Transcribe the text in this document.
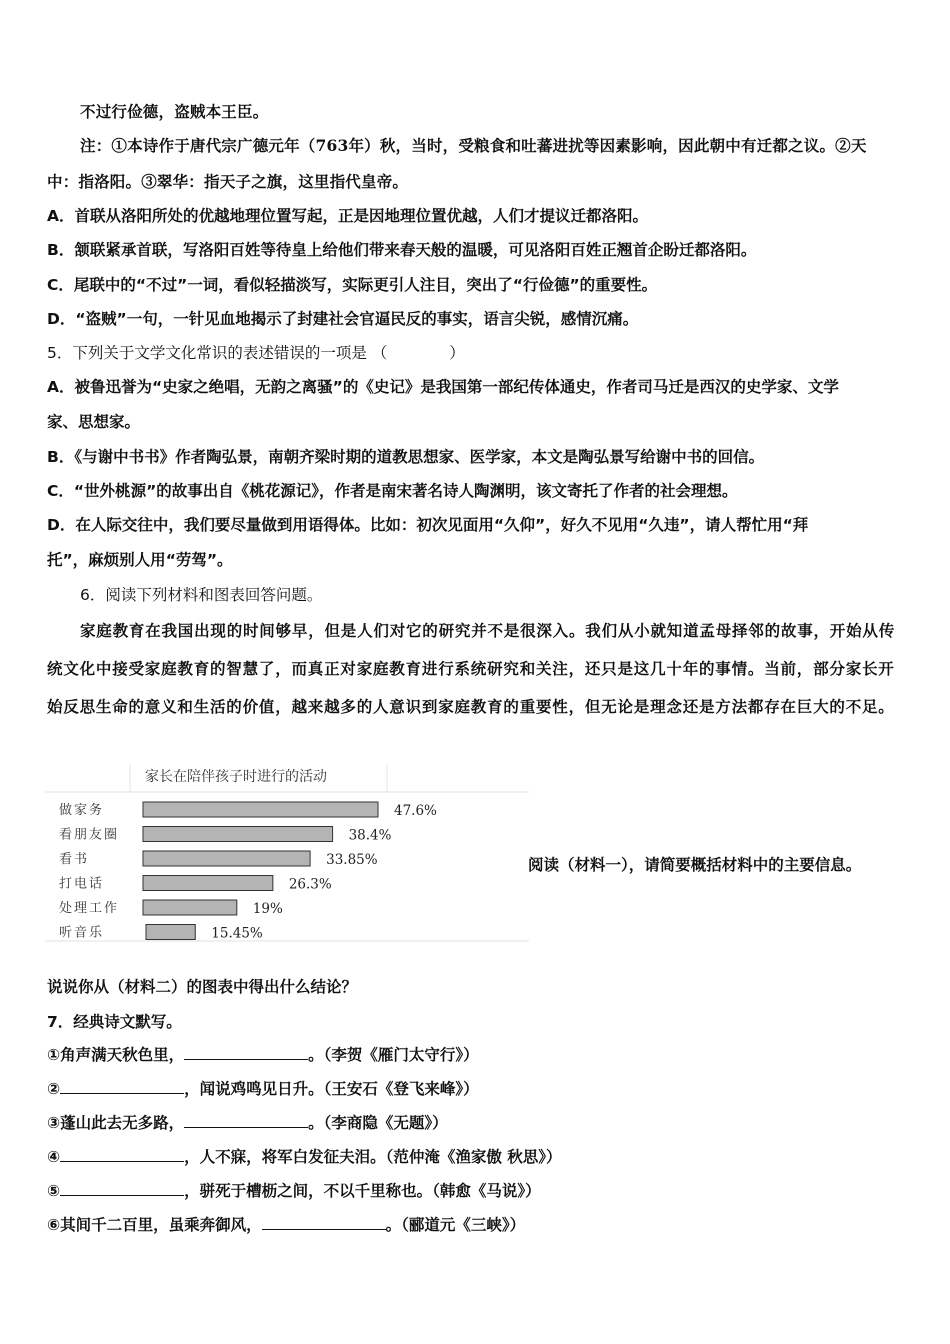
不过行俭德，盗贼本王臣。
注：①本诗作于唐代宗广德元年（763年）秋，当时，受粮食和吐蕃进扰等因素影响，因此朝中有迁都之议。②天
中：指洛阳。③翠华：指天子之旗，这里指代皇帝。
A．首联从洛阳所处的优越地理位置写起，正是因地理位置优越，人们才提议迁都洛阳。
B．颔联紧承首联，写洛阳百姓等待皇上给他们带来春天般的温暖，可见洛阳百姓正翘首企盼迁都洛阳。
C．尾联中的“不过”一词，看似轻描淡写，实际更引人注目，突出了“行俭德”的重要性。
D．“盗贼”一句，一针见血地揭示了封建社会官逼民反的事实，语言尖锐，感情沉痛。
5．下列关于文学文化常识的表述错误的一项是 （　　　　）
A．被鲁迅誉为“史家之绝唱，无韵之离骚”的《史记》是我国第一部纪传体通史，作者司马迁是西汉的史学家、文学
家、思想家。
B．《与谢中书书》作者陶弘景，南朝齐梁时期的道教思想家、医学家，本文是陶弘景写给谢中书的回信。
C．“世外桃源”的故事出自《桃花源记》，作者是南宋著名诗人陶渊明，该文寄托了作者的社会理想。
D．在人际交往中，我们要尽量做到用语得体。比如：初次见面用“久仰”，好久不见用“久违”，请人帮忙用“拜
托”，麻烦别人用“劳驾”。
6．阅读下列材料和图表回答问题。
家庭教育在我国出现的时间够早，但是人们对它的研究并不是很深入。我们从小就知道孟母择邻的故事，开始从传统文化中接受家庭教育的智慧了，而真正对家庭教育进行系统研究和关注，还只是这几十年的事情。当前，部分家长开始反思生命的意义和生活的价值，越来越多的人意识到家庭教育的重要性，但无论是理念还是方法都存在巨大的不足。
家长在陪伴孩子时进行的活动
做家务	47.6%
看朋友圈	38.4%
看书	33.85%
打电话	26.3%
处理工作	19%
听音乐	15.45%
阅读（材料一），请简要概括材料中的主要信息。
说说你从（材料二）的图表中得出什么结论？
7．经典诗文默写。
①角声满天秋色里，	。（李贺《雁门太守行》）
②	，闻说鸡鸣见日升。（王安石《登飞来峰》）
③蓬山此去无多路，	。（李商隐《无题》）
④	，人不寐，将军白发征夫泪。（范仲淹《渔家傲 秋思》）
⑤	，骈死于槽枥之间，不以千里称也。（韩愈《马说》）
⑥其间千二百里，虽乘奔御风，	。（郦道元《三峡》）
